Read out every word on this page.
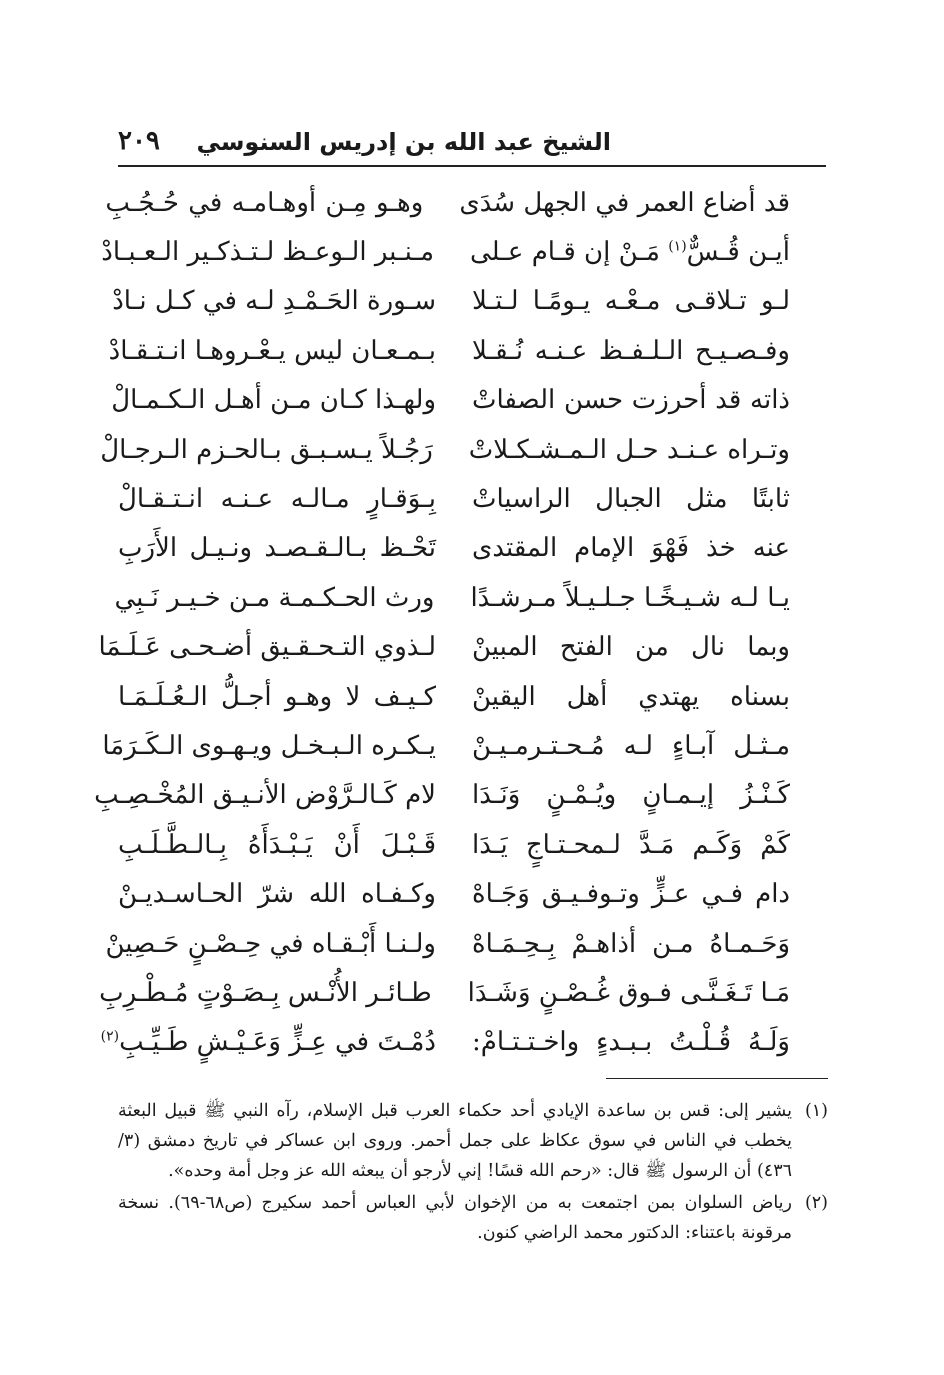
الشيخ عبد الله بن إدريس السنوسي
٢٠٩
قد أضاع العمر في الجهل سُدَى
وهـو مِـن أوهـامـه في حُـجُـبِ
أيـن قُـسٌّ$^{(١)}$ مَـنْ إن قـام عـلى
مـنـبر الـوعـظ لـتـذكـير الـعـبـادْ
لـو تـلاقـى مـعْـه يـومًـا لـتـلا
سـورة الحَـمْـدِ لـه في كـل نـادْ
وفـصـيـح الـلـفـظ عـنـه نُـقـلا
بـمـعـان ليس يـعْـروهـا انـتـقـادْ
ذاته قد أحرزت حسن الصفاتْ
ولهـذا كـان مـن أهـل الـكـمـالْ
وتـراه عـنـد حـل الـمـشـكـلاتْ
رَجُـلاً يـسـبـق بـالحـزم الـرجـالْ
ثابتًا مثل الجبال الراسياتْ
بِـوَقـارٍ مـالـه عـنـه انـتـقـالْ
عنه خذ فَهْوَ الإمام المقتدى
تَحْـظ بـالـقـصـد ونـيـل الأَرَبِ
يـا لـه شـيـخًـا جـلـيـلاً مـرشـدًا
ورث الحـكـمـة مـن خـيـر نَـبِي
وبما نال من الفتح المبينْ
لـذوي التـحـقـيق أضـحـى عَـلَـمَا
بسناه يهتدي أهل اليقينْ
كـيـف لا وهـو أجـلُّ الـعُـلَـمَـا
مـثـل آبـاءٍ لـه مُـحـتـرمـيـنْ
يـكـره الـبـخـل ويـهـوى الـكَـرَمَا
كَـنْـزُ إيـمـانٍ ويُـمْـنٍ وَنَـدَا
لام كَـالـرَّوْض الأنـيـق المُخْـصِـبِ
كَمْ وَكَـم مَـدَّ لـمحـتـاجٍ يَـدَا
قَـبْـلَ أَنْ يَـبْـدَأَهُ بِـالـطَّـلَـبِ
دام فـي عـزٍّ وتـوفـيـق وَجَـاهْ
وكـفـاه الله شرّ الحـاسـديـنْ
وَحَـمـاهُ مـن أذاهـمْ بِـحِـمَـاهْ
ولـنـا أَبْـقـاه في حِـصْـنٍ حَـصِينْ
مَـا تَـغَـنَّـى فـوق غُـصْـنٍ وَشَـدَا
طـائـر الأُنْـس بِـصَـوْتٍ مُـطْـرِبِ
وَلَـهُ قُـلْـتُ بـبـدءٍ واخـتـتـامْ:
دُمْـتَ في عِـزٍّ وَعَـيْـشٍ طَـيِّـبِ$^{(٢)}$
(١)
يشير إلى: قس بن ساعدة الإيادي أحد حكماء العرب قبل الإسلام، رآه النبي ﷺ قبيل البعثة يخطب في الناس في سوق عكاظ على جمل أحمر. وروى ابن عساكر في تاريخ دمشق (٣/ ٤٣٦) أن الرسول ﷺ قال: «رحم الله قسًا! إني لأرجو أن يبعثه الله عز وجل أمة وحده».
(٢)
رياض السلوان بمن اجتمعت به من الإخوان لأبي العباس أحمد سكيرج (ص٦٨-٦٩). نسخة مرقونة باعتناء: الدكتور محمد الراضي كنون.
